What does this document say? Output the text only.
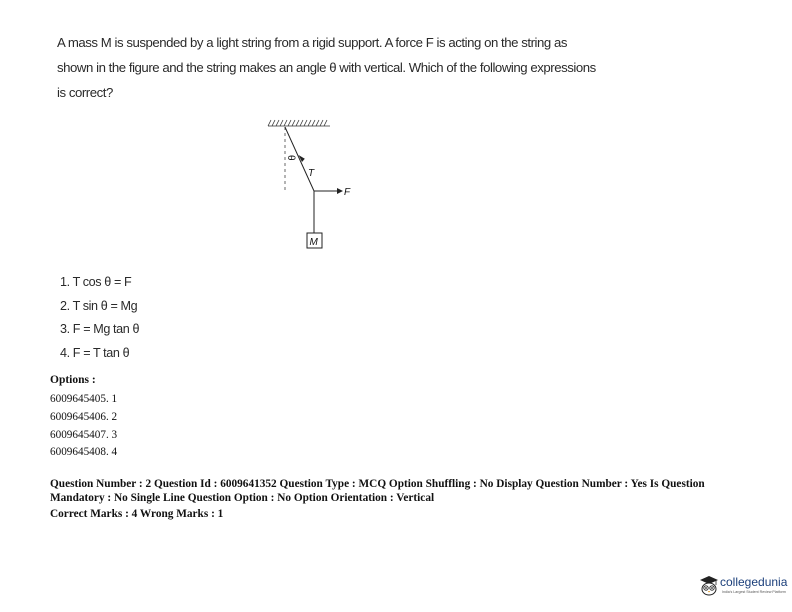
A mass M is suspended by a light string from a rigid support. A force F is acting on the string as
shown in the figure and the string makes an angle θ with vertical. Which of the following expressions
is correct?
θ
T
F
M
1. T cos θ = F
2. T sin θ = Mg
3. F = Mg tan θ
4. F = T tan θ
Options :
6009645405. 1
6009645406. 2
6009645407. 3
6009645408. 4
Question Number : 2 Question Id : 6009641352 Question Type : MCQ Option Shuffling : No Display Question Number : Yes Is Question
Mandatory : No Single Line Question Option : No Option Orientation : Vertical
Correct Marks : 4 Wrong Marks : 1
collegedunia
India's Largest Student Review Platform
